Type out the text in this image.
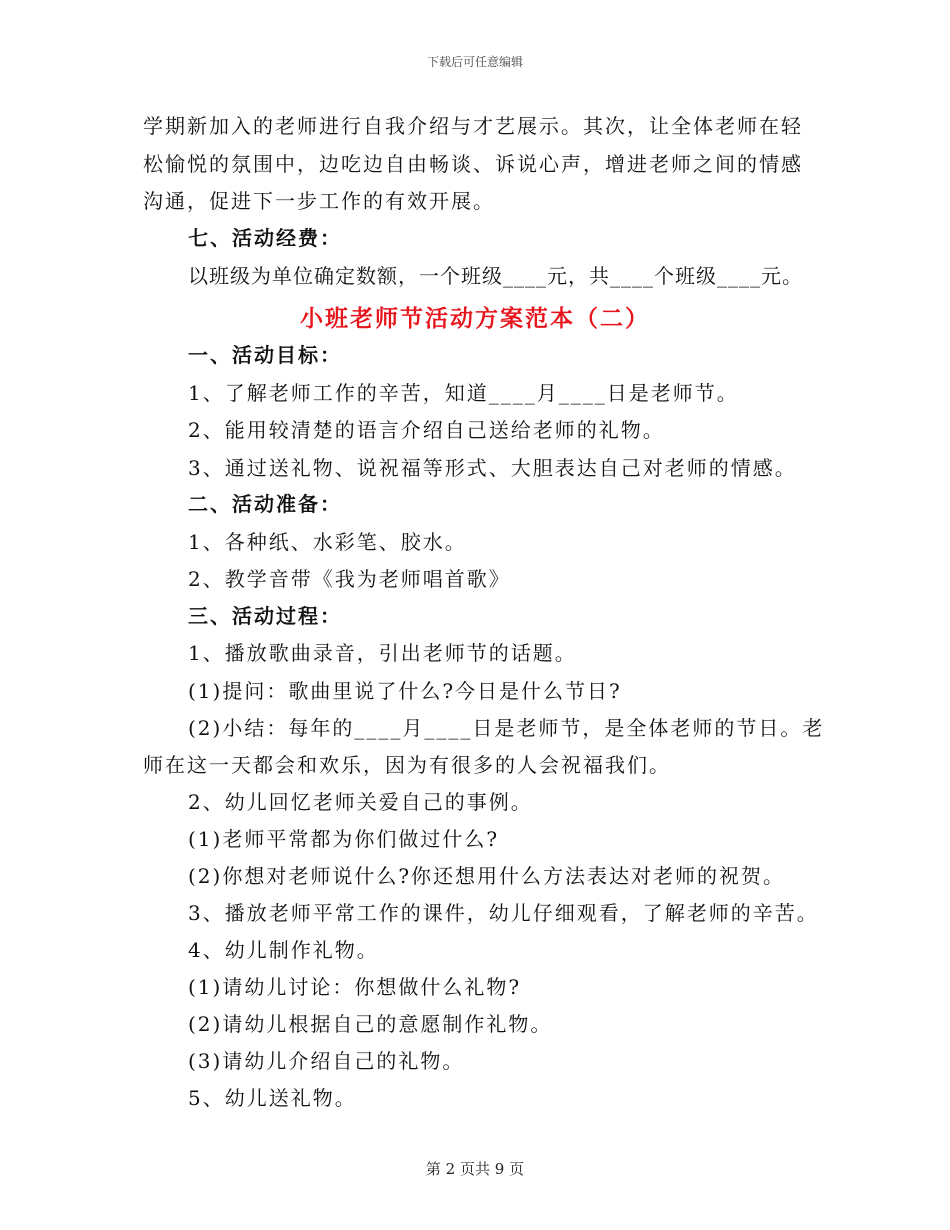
下载后可任意编辑
学期新加入的老师进行自我介绍与才艺展示。其次，让全体老师在轻
松愉悦的氛围中，边吃边自由畅谈、诉说心声，增进老师之间的情感
沟通，促进下一步工作的有效开展。
七、活动经费：
以班级为单位确定数额，一个班级____元，共____个班级____元。
小班老师节活动方案范本（二）
一、活动目标：
1、了解老师工作的辛苦，知道____月____日是老师节。
2、能用较清楚的语言介绍自己送给老师的礼物。
3、通过送礼物、说祝福等形式、大胆表达自己对老师的情感。
二、活动准备：
1、各种纸、水彩笔、胶水。
2、教学音带《我为老师唱首歌》
三、活动过程：
1、播放歌曲录音，引出老师节的话题。
(1)提问：歌曲里说了什么?今日是什么节日?
(2)小结：每年的____月____日是老师节，是全体老师的节日。老
师在这一天都会和欢乐，因为有很多的人会祝福我们。
2、幼儿回忆老师关爱自己的事例。
(1)老师平常都为你们做过什么?
(2)你想对老师说什么?你还想用什么方法表达对老师的祝贺。
3、播放老师平常工作的课件，幼儿仔细观看，了解老师的辛苦。
4、幼儿制作礼物。
(1)请幼儿讨论：你想做什么礼物?
(2)请幼儿根据自己的意愿制作礼物。
(3)请幼儿介绍自己的礼物。
5、幼儿送礼物。
第 2 页共 9 页
